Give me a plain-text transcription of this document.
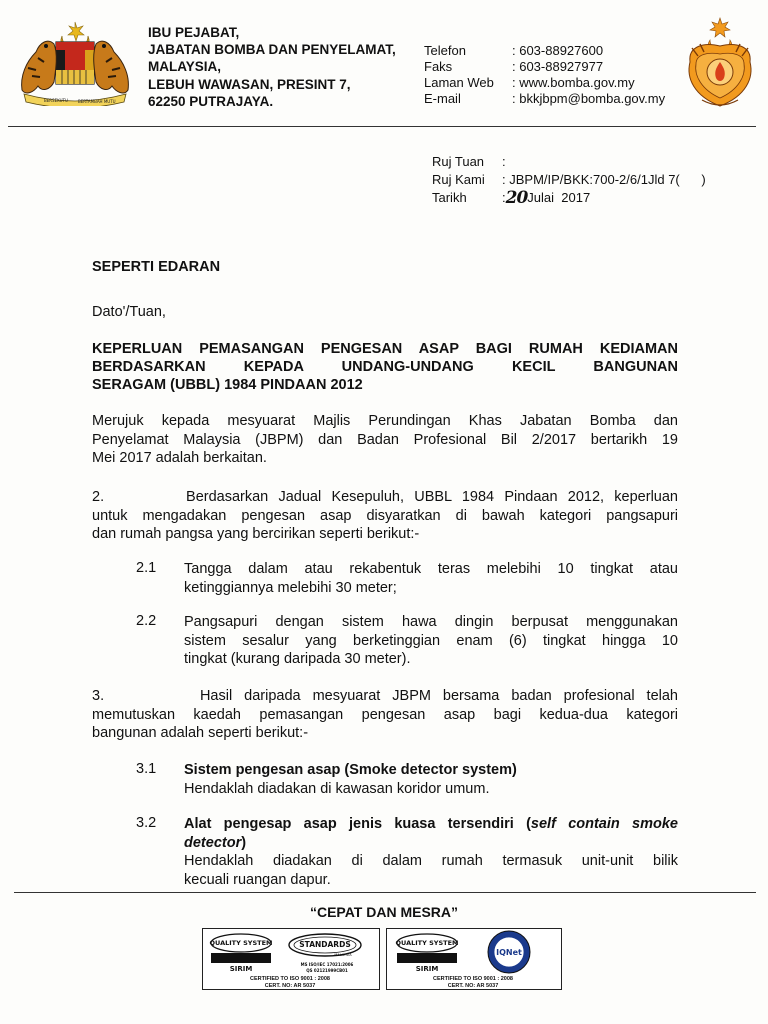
BERSEKUTU	BERTAMBAH MUTU
IBU PEJABAT,
JABATAN BOMBA DAN PENYELAMAT,
MALAYSIA,
LEBUH WAWASAN, PRESINT 7,
62250 PUTRAJAYA.
Telefon	: 603-88927600
Faks	: 603-88927977
Laman Web	: www.bomba.gov.my
E-mail	: bkkjbpm@bomba.gov.my
Ruj Tuan	:
Ruj Kami	: JBPM/IP/BKK:700-2/6/1Jld 7(      )
Tarikh	: 20 Julai  2017
SEPERTI EDARAN
Dato'/Tuan,
KEPERLUAN PEMASANGAN PENGESAN ASAP BAGI RUMAH KEDIAMAN
BERDASARKAN KEPADA UNDANG-UNDANG KECIL BANGUNAN
SERAGAM (UBBL) 1984 PINDAAN 2012
Merujuk kepada mesyuarat Majlis Perundingan Khas Jabatan Bomba dan
Penyelamat Malaysia (JBPM) dan Badan Profesional Bil 2/2017 bertarikh 19
Mei 2017 adalah berkaitan.
2.        Berdasarkan Jadual Kesepuluh, UBBL 1984 Pindaan 2012, keperluan
untuk mengadakan pengesan asap disyaratkan di bawah kategori pangsapuri
dan rumah pangsa yang bercirikan seperti berikut:-
2.1 Tangga dalam atau rekabentuk teras melebihi 10 tingkat atau
ketinggiannya melebihi 30 meter;
2.2 Pangsapuri dengan sistem hawa dingin berpusat menggunakan
sistem sesalur yang berketinggian enam (6) tingkat hingga 10
tingkat (kurang daripada 30 meter).
3.        Hasil daripada mesyuarat JBPM bersama badan profesional telah
memutuskan kaedah pemasangan pengesan asap bagi kedua-dua kategori
bangunan adalah seperti berikut:-
3.1 Sistem pengesan asap (Smoke detector system)
Hendaklah diadakan di kawasan koridor umum.
3.2 Alat pengesap asap jenis kuasa tersendiri (self contain smoke
detector)
Hendaklah diadakan di dalam rumah termasuk unit-unit bilik
kecuali ruangan dapur.
“CEPAT DAN MESRA”
QUALITY SYSTEM
SIRIM
STANDARDS
MALAYSIA
MS ISO/IEC 17021:2006
QS 02121999CB01
CERTIFIED TO ISO 9001 : 2008
CERT. NO: AR 5037
QUALITY SYSTEM
SIRIM
IQNet
CERTIFIED TO ISO 9001 : 2008
CERT. NO: AR 5037
